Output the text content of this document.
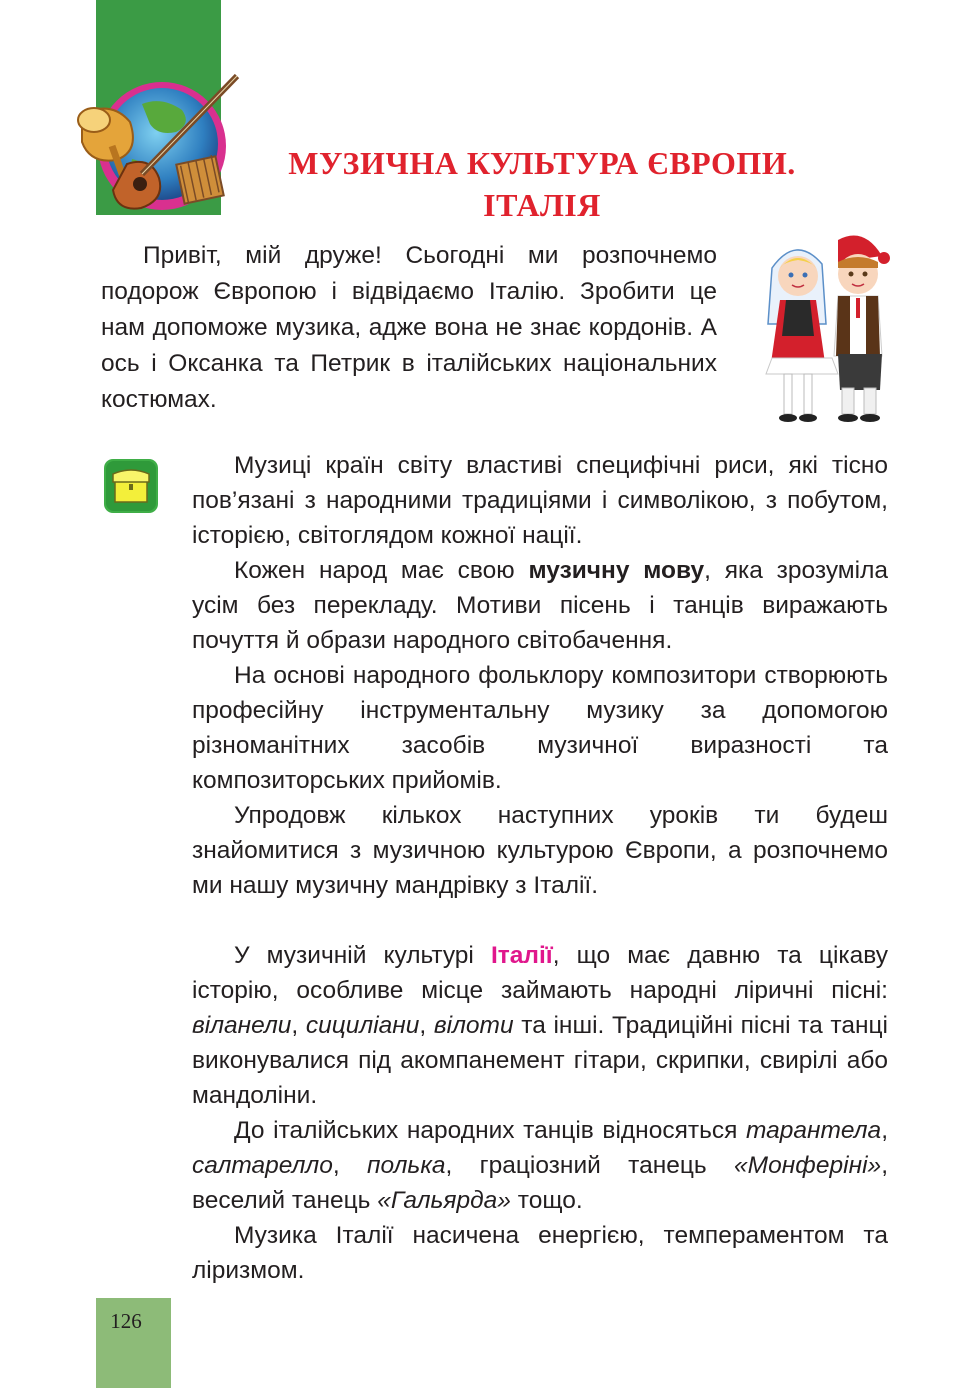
МУЗИЧНА КУЛЬТУРА ЄВРОПИ.
ІТАЛІЯ

Привіт, мій друже! Сьогодні ми розпочнемо подорож Європою і відвідаємо Італію. Зробити це нам допоможе музика, адже вона не знає кордонів. А ось і Оксанка та Петрик в італійських національних костюмах.

Музиці країн світу властиві специфічні риси, які тісно пов’язані з народними традиціями і символікою, з побутом, історією, світоглядом кожної нації.

Кожен народ має свою музичну мову, яка зрозуміла усім без перекладу. Мотиви пісень і танців виражають почуття й образи народного світобачення.

На основі народного фольклору композитори створюють професійну інструментальну музику за допомогою різноманітних засобів музичної виразності та композиторських прийомів.

Упродовж кількох наступних уроків ти будеш знайомитися з музичною культурою Європи, а розпочнемо ми нашу музичну мандрівку з Італії.

У музичній культурі Італії, що має давню та цікаву історію, особливе місце займають народні ліричні пісні: віланели, сициліани, вілоти та інші. Традиційні пісні та танці виконувалися під акомпанемент гітари, скрипки, свирілі або мандоліни.

До італійських народних танців відносяться тарантела, салтарелло, полька, граціозний танець «Монферіні», веселий танець «Гальярда» тощо.

Музика Італії насичена енергією, темпераментом та ліризмом.

126
